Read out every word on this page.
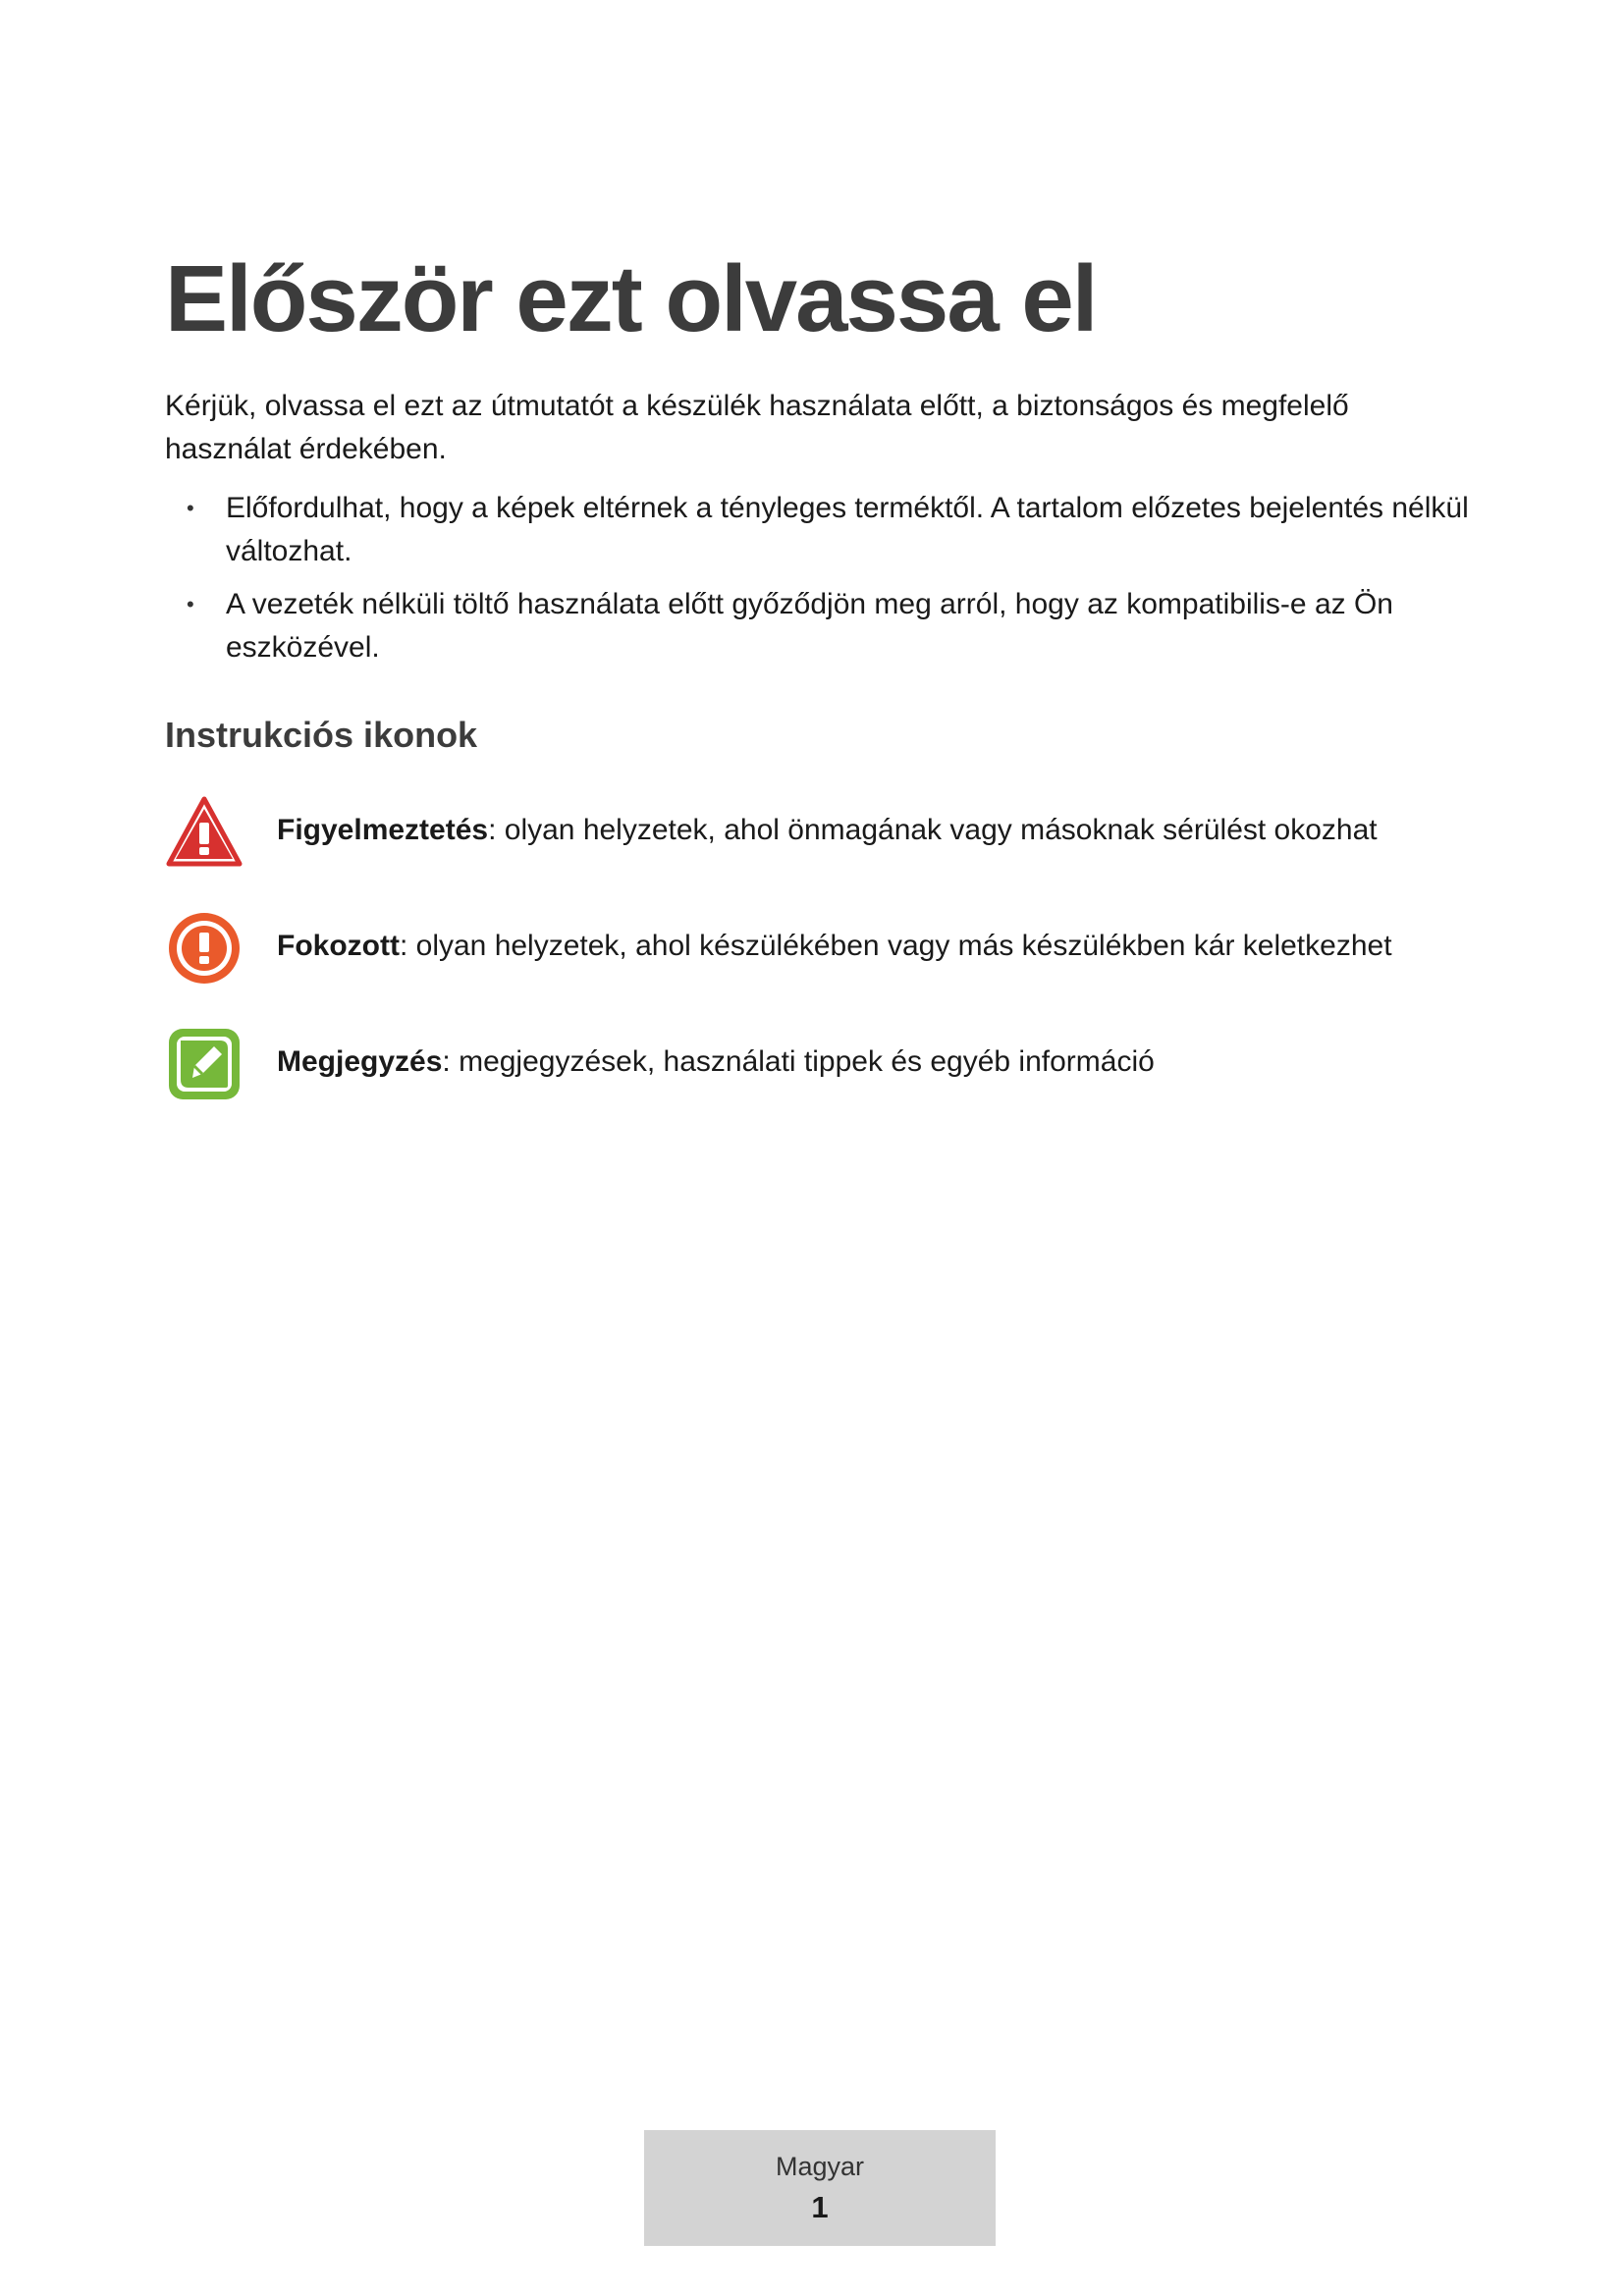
Először ezt olvassa el

Kérjük, olvassa el ezt az útmutatót a készülék használata előtt, a biztonságos és megfelelő használat érdekében.

• Előfordulhat, hogy a képek eltérnek a tényleges terméktől. A tartalom előzetes bejelentés nélkül változhat.
• A vezeték nélküli töltő használata előtt győződjön meg arról, hogy az kompatibilis-e az Ön eszközével.
Instrukciós ikonok
Figyelmeztetés: olyan helyzetek, ahol önmagának vagy másoknak sérülést okozhat
Fokozott: olyan helyzetek, ahol készülékében vagy más készülékben kár keletkezhet
Megjegyzés: megjegyzések, használati tippek és egyéb információ
Magyar
1
